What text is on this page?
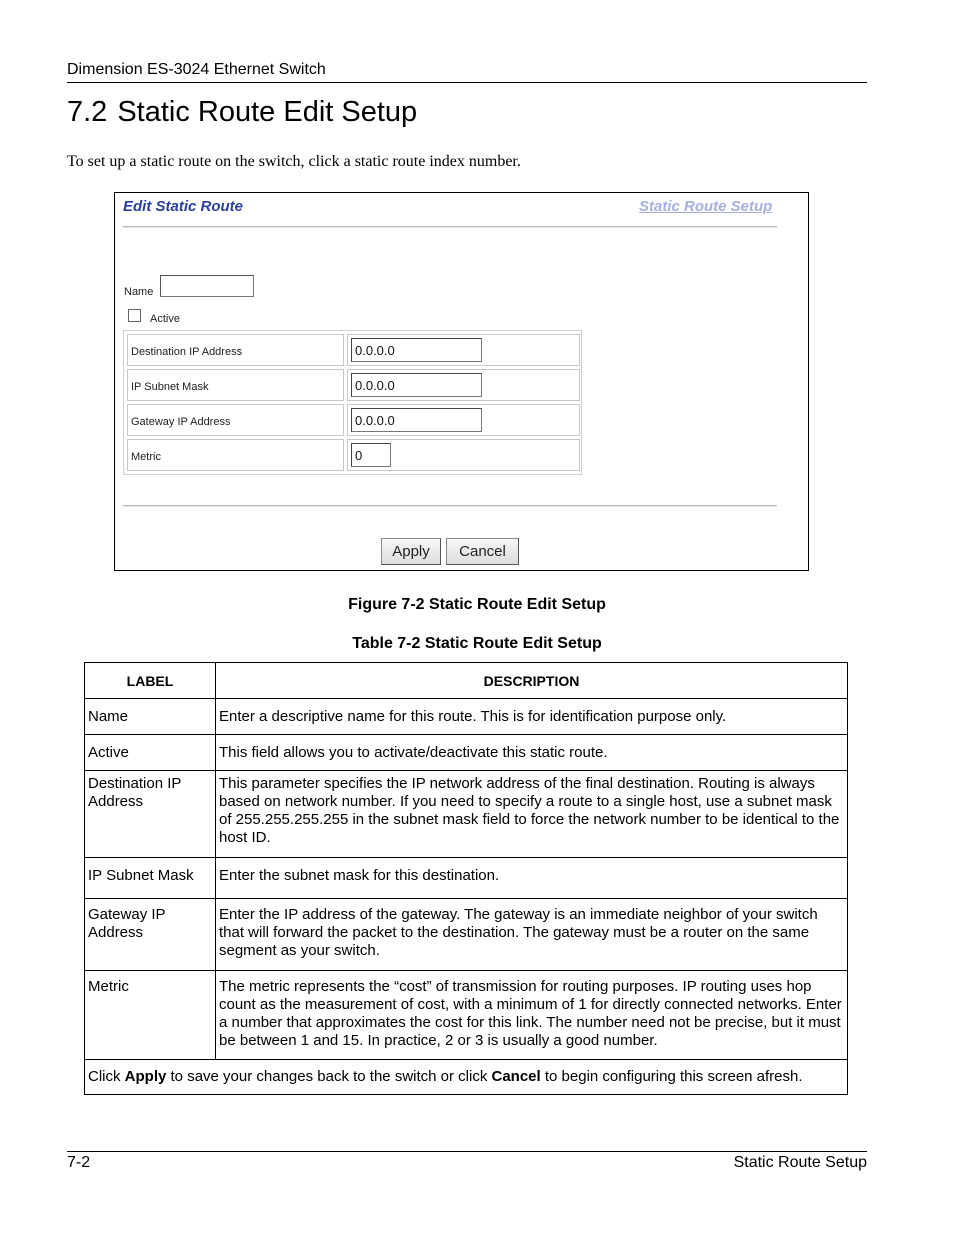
Dimension ES-3024 Ethernet Switch
7.2 Static Route Edit Setup
To set up a static route on the switch, click a static route index number.
Edit Static Route	Static Route Setup
Name
Active
Destination IP Address	0.0.0.0
IP Subnet Mask	0.0.0.0
Gateway IP Address	0.0.0.0
Metric	0
Apply	Cancel
Figure 7-2 Static Route Edit Setup
Table 7-2 Static Route Edit Setup
LABEL	DESCRIPTION
Name	Enter a descriptive name for this route. This is for identification purpose only.
Active	This field allows you to activate/deactivate this static route.
Destination IP Address	This parameter specifies the IP network address of the final destination. Routing is always based on network number. If you need to specify a route to a single host, use a subnet mask of 255.255.255.255 in the subnet mask field to force the network number to be identical to the host ID.
IP Subnet Mask	Enter the subnet mask for this destination.
Gateway IP Address	Enter the IP address of the gateway. The gateway is an immediate neighbor of your switch that will forward the packet to the destination. The gateway must be a router on the same segment as your switch.
Metric	The metric represents the “cost” of transmission for routing purposes. IP routing uses hop count as the measurement of cost, with a minimum of 1 for directly connected networks. Enter a number that approximates the cost for this link. The number need not be precise, but it must be between 1 and 15. In practice, 2 or 3 is usually a good number.
Click Apply to save your changes back to the switch or click Cancel to begin configuring this screen afresh.	
7-2	Static Route Setup
